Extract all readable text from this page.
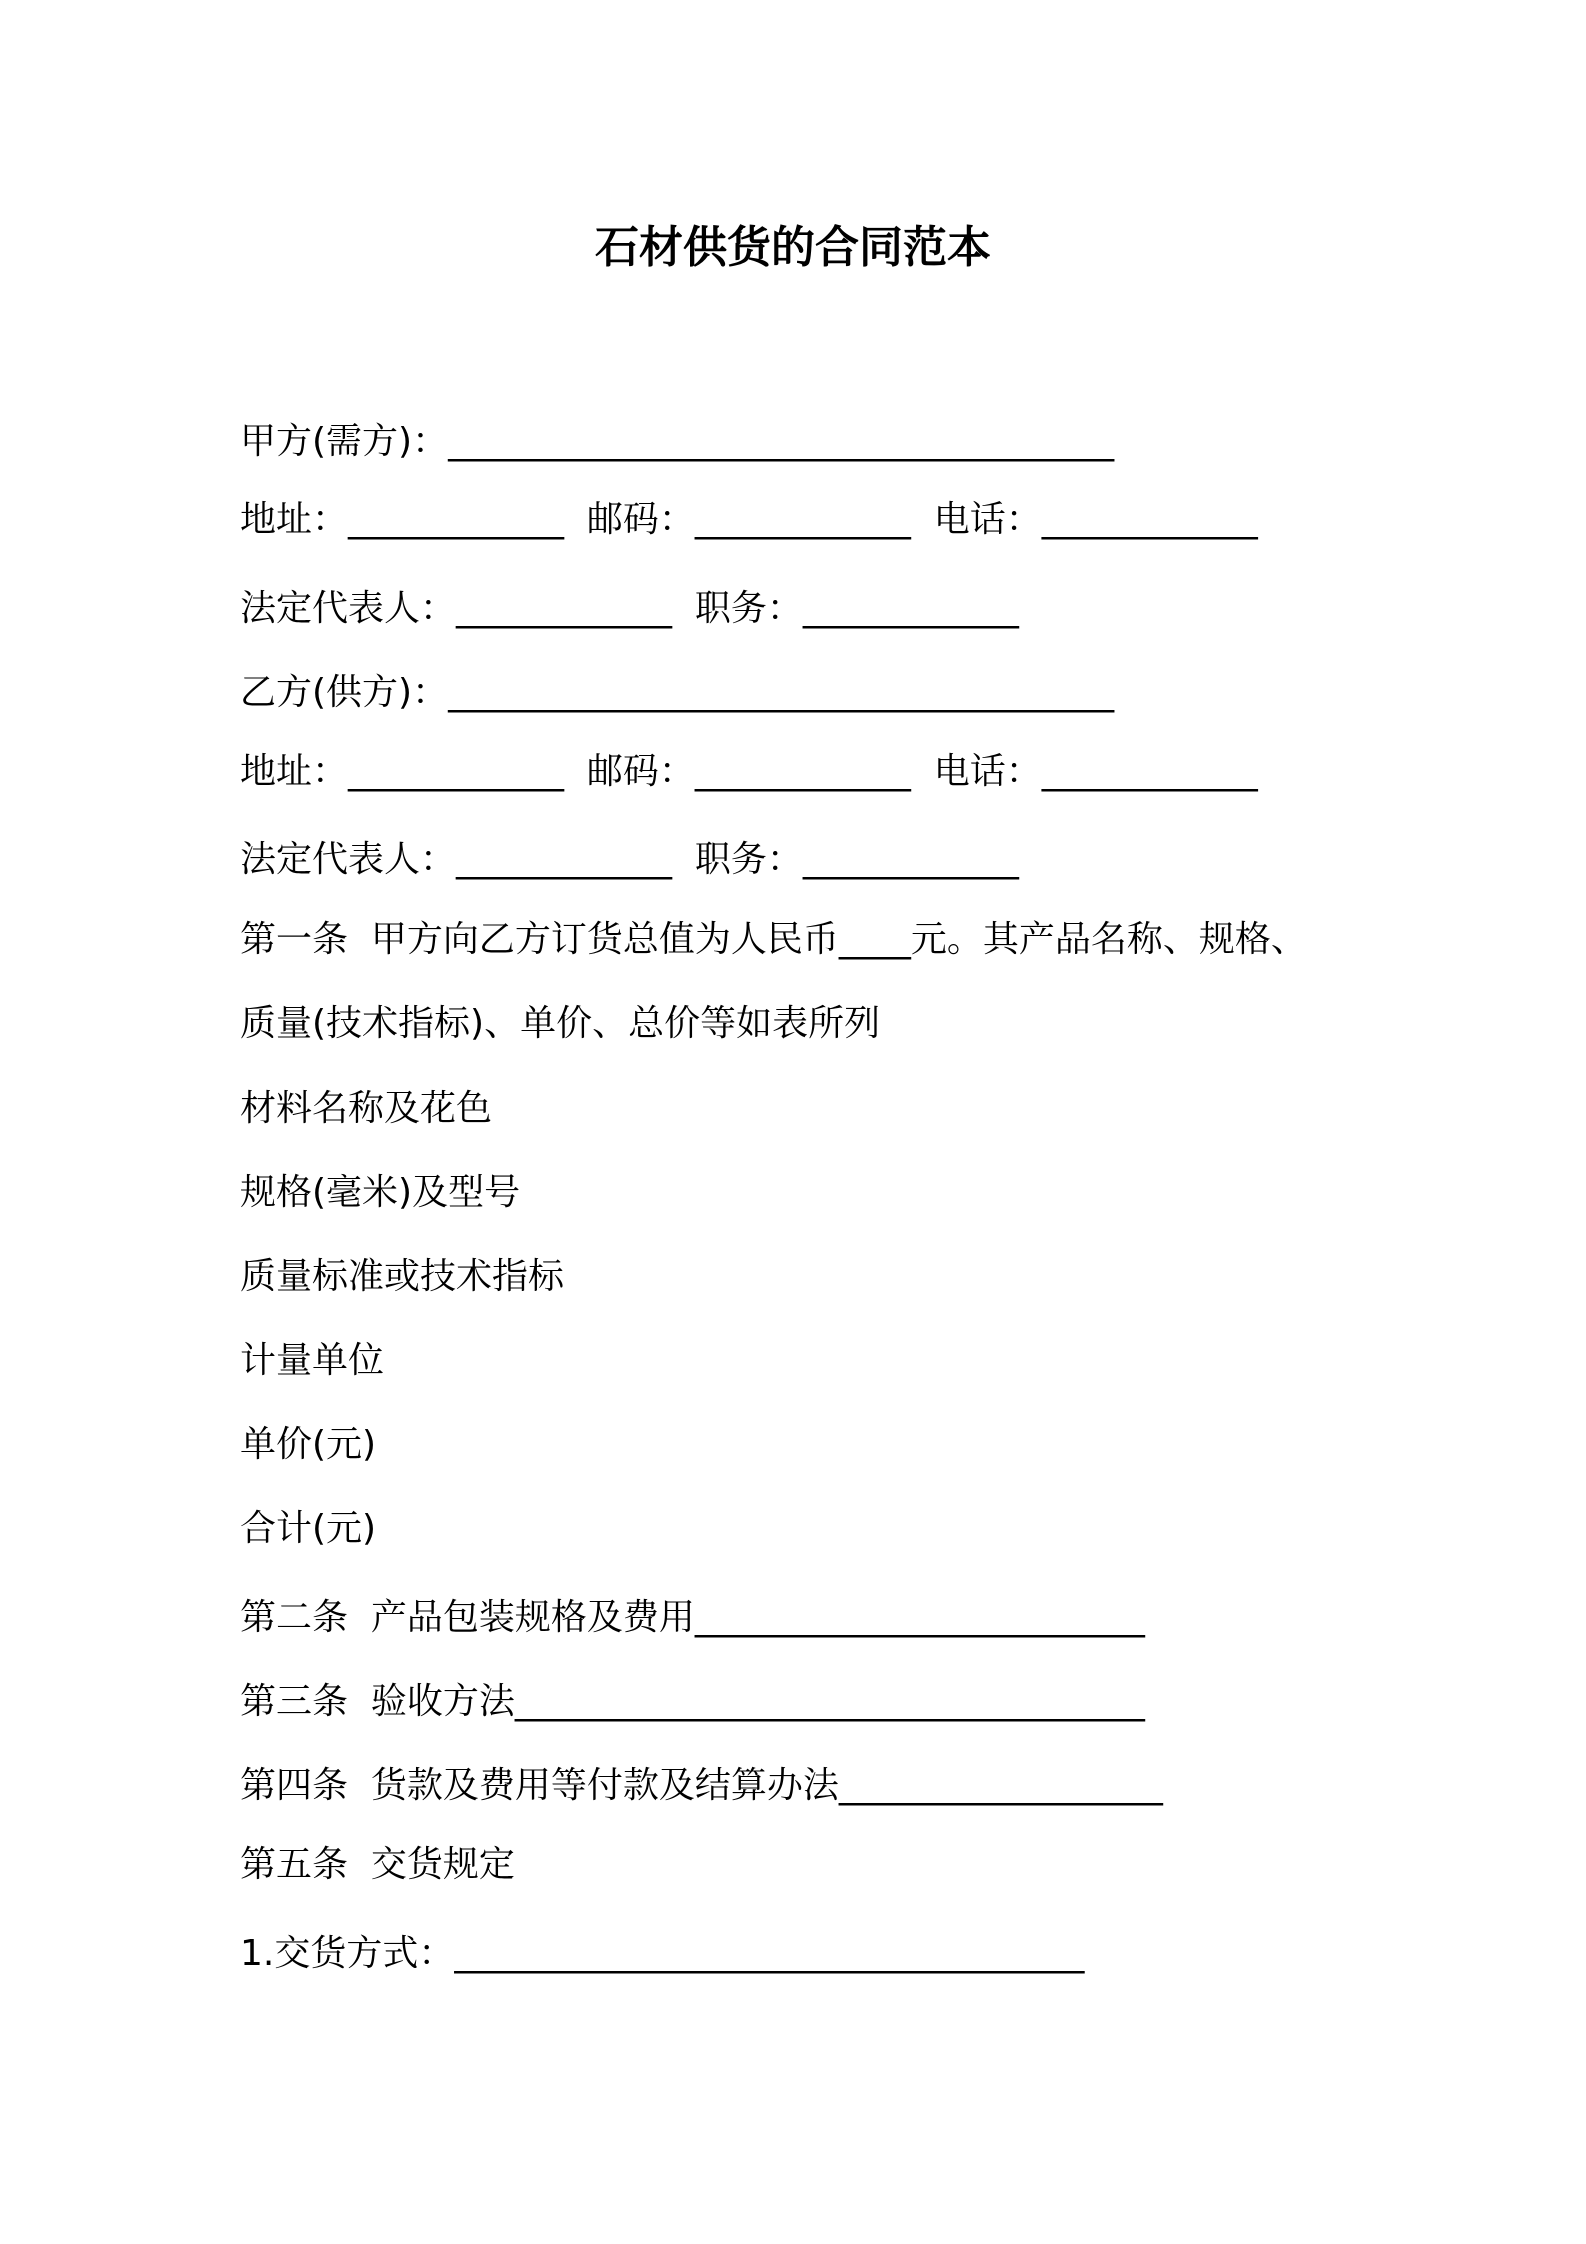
石材供货的合同范本
甲方(需方)：_____________________________________
地址：____________  邮码：____________  电话：____________
法定代表人：____________  职务：____________
乙方(供方)：_____________________________________
地址：____________  邮码：____________  电话：____________
法定代表人：____________  职务：____________
第一条  甲方向乙方订货总值为人民币____元。其产品名称、规格、
质量(技术指标)、单价、总价等如表所列
材料名称及花色
规格(毫米)及型号
质量标准或技术指标
计量单位
单价(元)
合计(元)
第二条  产品包装规格及费用_________________________
第三条  验收方法___________________________________
第四条  货款及费用等付款及结算办法__________________
第五条  交货规定
1.交货方式：___________________________________
